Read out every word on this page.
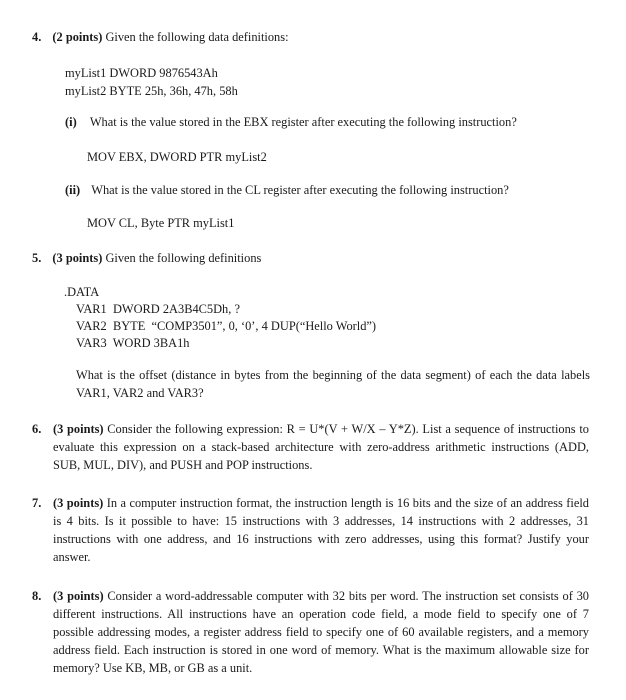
4. (2 points) Given the following data definitions:
myList1 DWORD 9876543Ah
myList2 BYTE 25h, 36h, 47h, 58h
(i) What is the value stored in the EBX register after executing the following instruction?
MOV EBX, DWORD PTR myList2
(ii) What is the value stored in the CL register after executing the following instruction?
MOV CL, Byte PTR myList1
5. (3 points) Given the following definitions
.DATA
VAR1  DWORD 2A3B4C5Dh, ?
VAR2  BYTE  “COMP3501”, 0, ‘0’, 4 DUP(“Hello World”)
VAR3  WORD 3BA1h
What is the offset (distance in bytes from the beginning of the data segment) of each the data labels VAR1, VAR2 and VAR3?
6. (3 points) Consider the following expression: R = U*(V + W/X – Y*Z). List a sequence of instructions to evaluate this expression on a stack-based architecture with zero-address arithmetic instructions (ADD, SUB, MUL, DIV), and PUSH and POP instructions.
7. (3 points) In a computer instruction format, the instruction length is 16 bits and the size of an address field is 4 bits. Is it possible to have: 15 instructions with 3 addresses, 14 instructions with 2 addresses, 31 instructions with one address, and 16 instructions with zero addresses, using this format? Justify your answer.
8. (3 points) Consider a word-addressable computer with 32 bits per word. The instruction set consists of 30 different instructions. All instructions have an operation code field, a mode field to specify one of 7 possible addressing modes, a register address field to specify one of 60 available registers, and a memory address field. Each instruction is stored in one word of memory. What is the maximum allowable size for memory? Use KB, MB, or GB as a unit.
